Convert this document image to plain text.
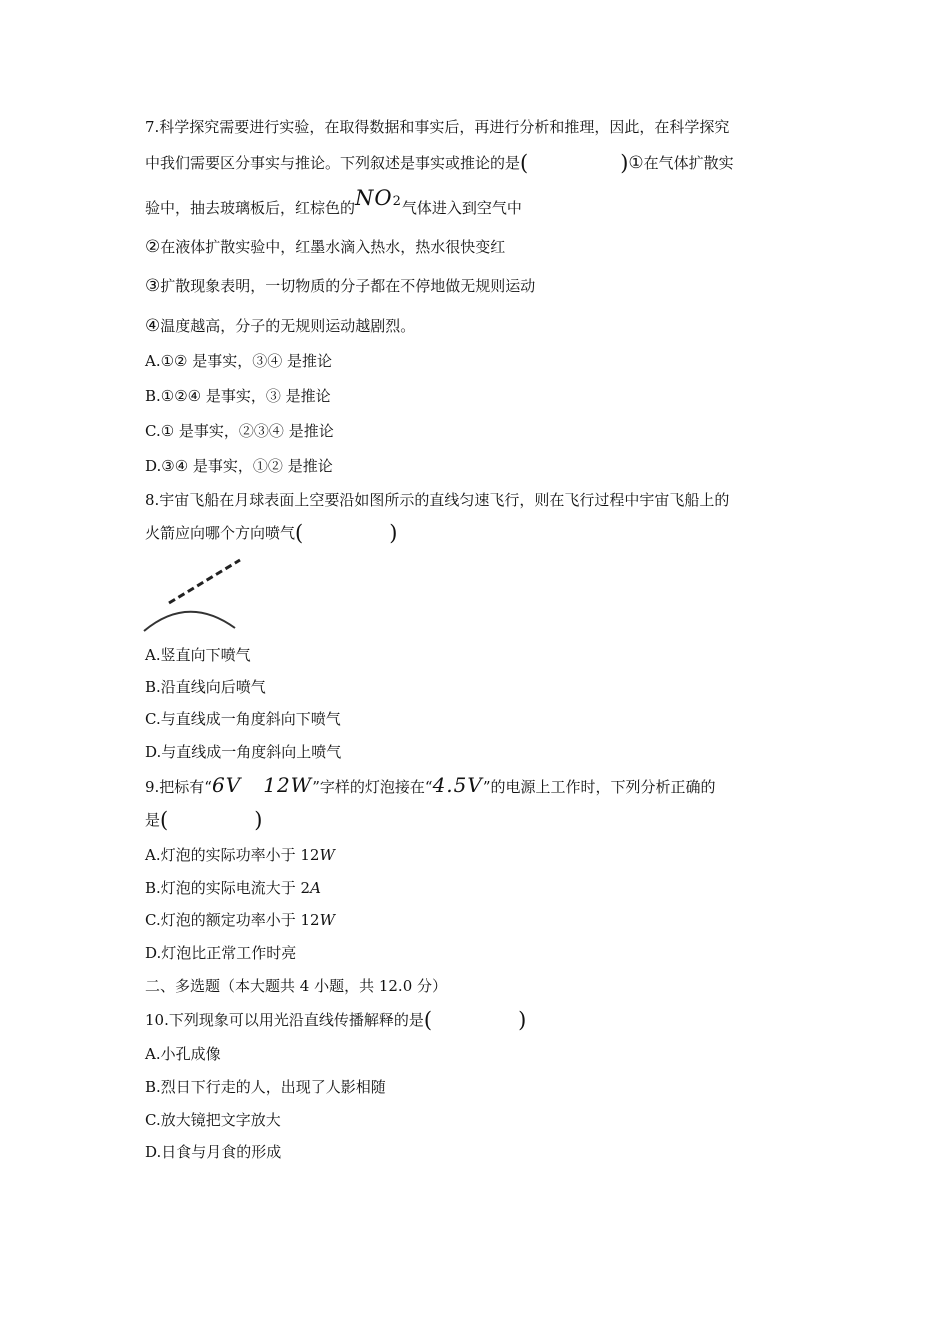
7.科学探究需要进行实验，在取得数据和事实后，再进行分析和推理，因此，在科学探究
中我们需要区分事实与推论。下列叙述是事实或推论的是(	)①在气体扩散实
验中，抽去玻璃板后，红棕色的NO2气体进入到空气中
②在液体扩散实验中，红墨水滴入热水，热水很快变红
③扩散现象表明，一切物质的分子都在不停地做无规则运动
④温度越高，分子的无规则运动越剧烈。
A.①② 是事实，③④ 是推论
B.①②④ 是事实，③ 是推论
C.① 是事实，②③④ 是推论
D.③④ 是事实，①② 是推论
8.宇宙飞船在月球表面上空要沿如图所示的直线匀速飞行，则在飞行过程中宇宙飞船上的
火箭应向哪个方向喷气(	)
A.竖直向下喷气
B.沿直线向后喷气
C.与直线成一角度斜向下喷气
D.与直线成一角度斜向上喷气
9.把标有“6V   12W”字样的灯泡接在“4.5V”的电源上工作时，下列分析正确的
是(	)
A.灯泡的实际功率小于 12W
B.灯泡的实际电流大于 2A
C.灯泡的额定功率小于 12W
D.灯泡比正常工作时亮
二、多选题（本大题共 4 小题，共 12.0 分）
10.下列现象可以用光沿直线传播解释的是(	)
A.小孔成像
B.烈日下行走的人，出现了人影相随
C.放大镜把文字放大
D.日食与月食的形成
